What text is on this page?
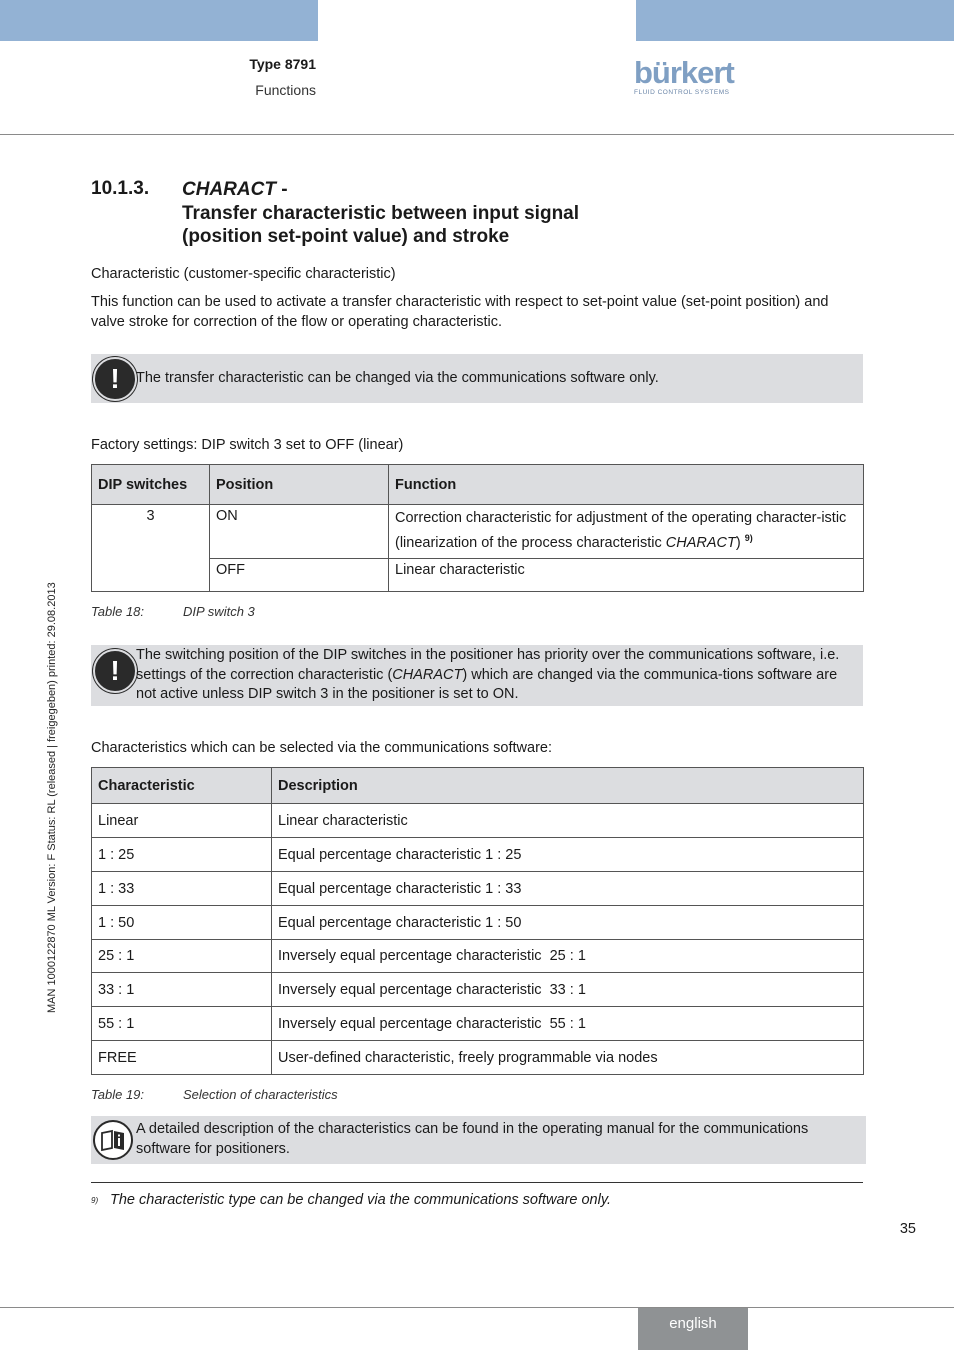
Type 8791
Functions	bürkert
FLUID CONTROL SYSTEMS
10.1.3. CHARACT -
Transfer characteristic between input signal
(position set-point value) and stroke
Characteristic (customer-specific characteristic)
This function can be used to activate a transfer characteristic with respect to set-point value (set-point position) and valve stroke for correction of the flow or operating characteristic.
!	The transfer characteristic can be changed via the communications software only.
Factory settings: DIP switch 3 set to OFF (linear)
DIP switches	Position	Function
3	ON	Correction characteristic for adjustment of the operating character-istic (linearization of the process characteristic CHARACT) $^{9)}$
	OFF	Linear characteristic
Table 18:	DIP switch 3
!	The switching position of the DIP switches in the positioner has priority over the communications software, i.e. settings of the correction characteristic (CHARACT) which are changed via the communica-tions software are not active unless DIP switch 3 in the positioner is set to ON.
Characteristics which can be selected via the communications software:
Characteristic	Description
Linear	Linear characteristic
1 : 25	Equal percentage characteristic 1 : 25
1 : 33	Equal percentage characteristic 1 : 33
1 : 50	Equal percentage characteristic 1 : 50
25 : 1	Inversely equal percentage characteristic  25 : 1
33 : 1	Inversely equal percentage characteristic  33 : 1
55 : 1	Inversely equal percentage characteristic  55 : 1
FREE	User-defined characteristic, freely programmable via nodes
Table 19:	Selection of characteristics
A detailed description of the characteristics can be found in the operating manual for the communications software for positioners.
9) The characteristic type can be changed via the communications software only.
35
MAN 1000122870 ML Version: F Status: RL (released | freigegeben) printed: 29.08.2013
english
